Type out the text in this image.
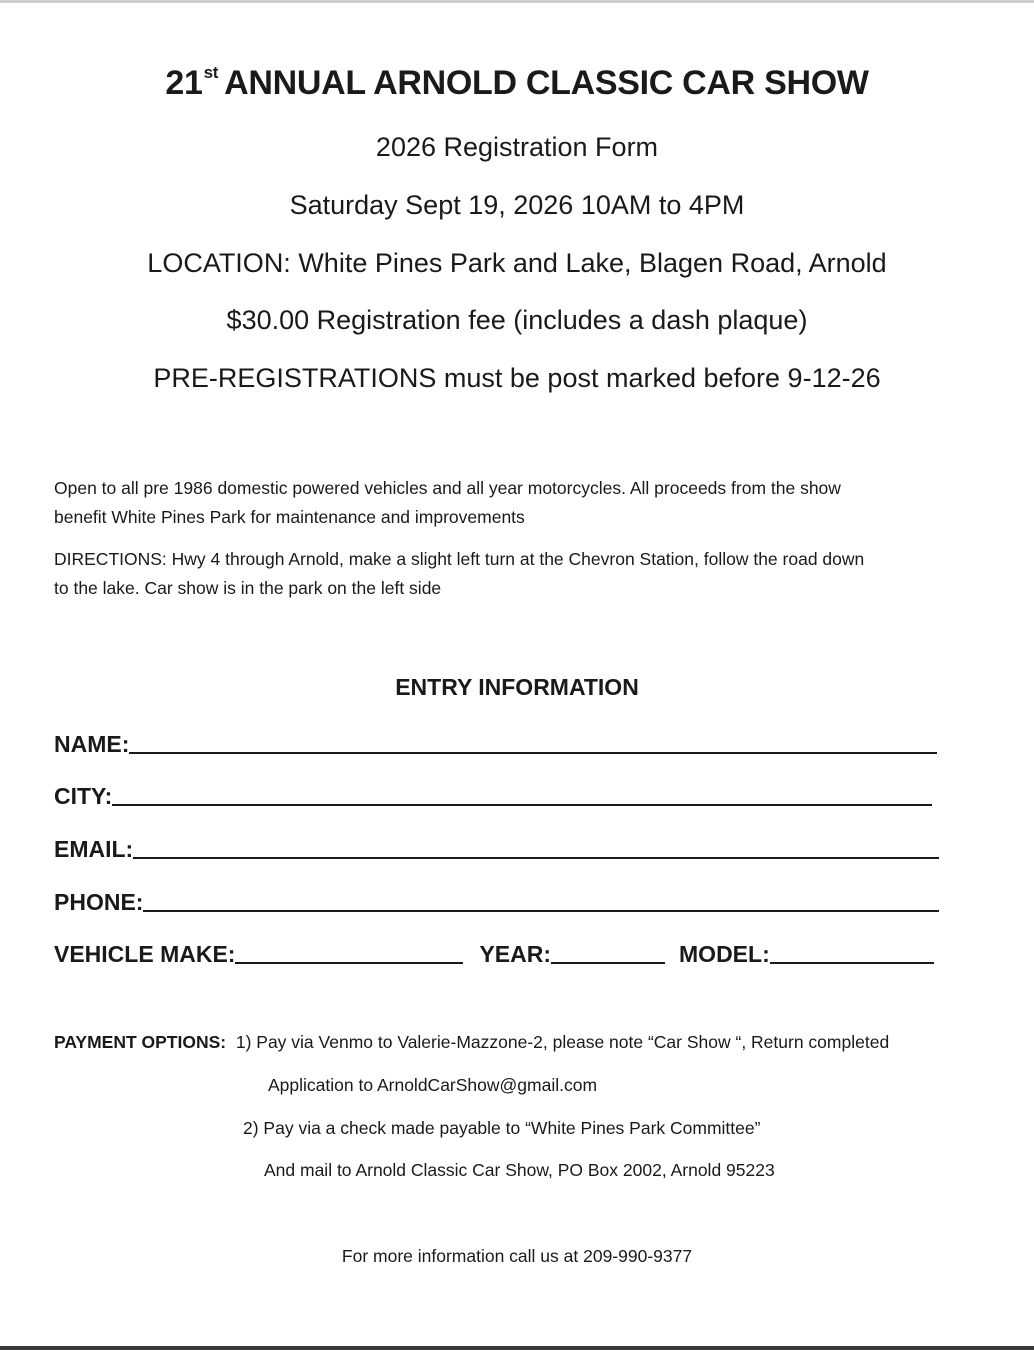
21st ANNUAL ARNOLD CLASSIC CAR SHOW
2026 Registration Form
Saturday Sept 19, 2026 10AM to 4PM
LOCATION: White Pines Park and Lake, Blagen Road, Arnold
$30.00 Registration fee (includes a dash plaque)
PRE-REGISTRATIONS must be post marked before 9-12-26
Open to all pre 1986 domestic powered vehicles and all year motorcycles. All proceeds from the show
benefit White Pines Park for maintenance and improvements
DIRECTIONS: Hwy 4 through Arnold, make a slight left turn at the Chevron Station, follow the road down
to the lake. Car show is in the park on the left side
ENTRY INFORMATION
NAME:
CITY:
EMAIL:
PHONE:
VEHICLE MAKE:	YEAR:	MODEL:
PAYMENT OPTIONS: 1) Pay via Venmo to Valerie-Mazzone-2, please note “Car Show “, Return completed
Application to ArnoldCarShow@gmail.com
2) Pay via a check made payable to “White Pines Park Committee”
And mail to Arnold Classic Car Show, PO Box 2002, Arnold 95223
For more information call us at 209-990-9377
